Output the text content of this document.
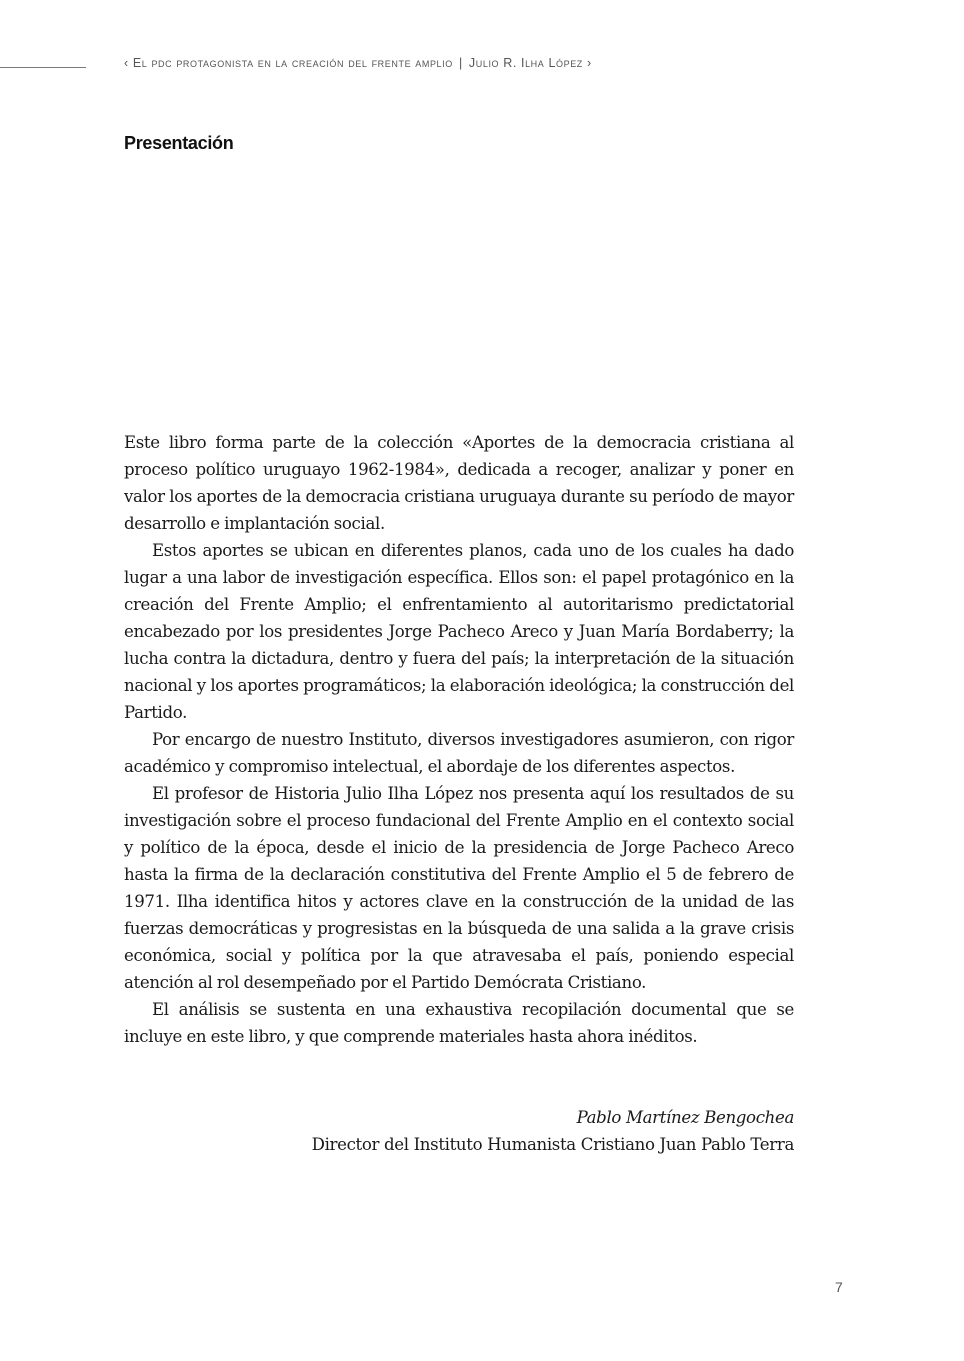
‹ El pdc protagonista en la creación del frente amplio | Julio R. Ilha López ›
Presentación

Este libro forma parte de la colección «Aportes de la democracia cristiana al proceso político uruguayo 1962-1984», dedicada a recoger, analizar y poner en valor los aportes de la democracia cristiana uruguaya durante su período de mayor desarrollo e implantación social.

Estos aportes se ubican en diferentes planos, cada uno de los cuales ha dado lugar a una labor de investigación específica. Ellos son: el papel protagónico en la creación del Frente Amplio; el enfrentamiento al autoritarismo predictatorial encabezado por los presidentes Jorge Pacheco Areco y Juan María Bordaberry; la lucha contra la dictadura, dentro y fuera del país; la interpretación de la situación nacional y los aportes programáticos; la elaboración ideológica; la construcción del Partido.

Por encargo de nuestro Instituto, diversos investigadores asumieron, con rigor académico y compromiso intelectual, el abordaje de los diferentes aspectos.

El profesor de Historia Julio Ilha López nos presenta aquí los resultados de su investigación sobre el proceso fundacional del Frente Amplio en el contexto social y político de la época, desde el inicio de la presidencia de Jorge Pacheco Areco hasta la firma de la declaración constitutiva del Frente Amplio el 5 de febrero de 1971. Ilha identifica hitos y actores clave en la construcción de la unidad de las fuerzas democráticas y progresistas en la búsqueda de una salida a la grave crisis económica, social y política por la que atravesaba el país, poniendo especial atención al rol desempeñado por el Partido Demócrata Cristiano.

El análisis se sustenta en una exhaustiva recopilación documental que se incluye en este libro, y que comprende materiales hasta ahora inéditos.

Pablo Martínez Bengochea
Director del Instituto Humanista Cristiano Juan Pablo Terra
7
